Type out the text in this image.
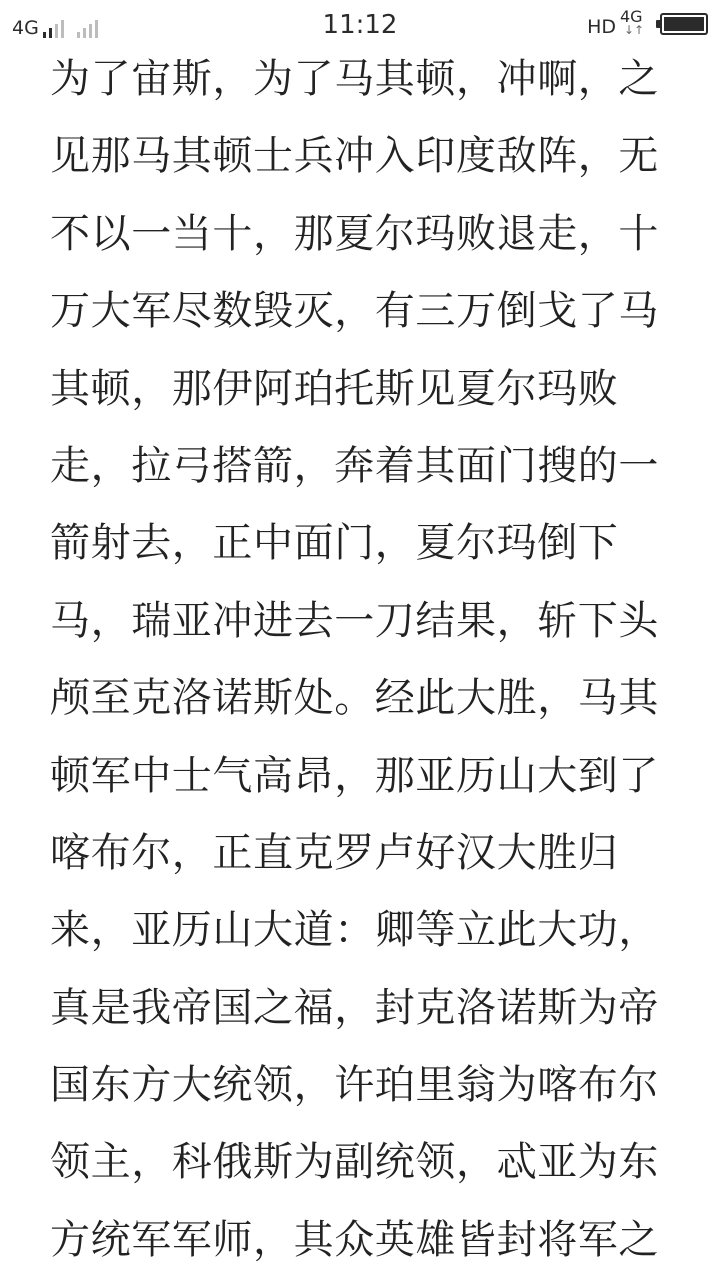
4G	11:12	HD 4G
↓↑
为了宙斯，为了马其顿，冲啊，之
见那马其顿士兵冲入印度敌阵，无
不以一当十，那夏尔玛败退走，十
万大军尽数毁灭，有三万倒戈了马
其顿，那伊阿珀托斯见夏尔玛败
走，拉弓搭箭，奔着其面门搜的一
箭射去，正中面门，夏尔玛倒下
马，瑞亚冲进去一刀结果，斩下头
颅至克洛诺斯处。经此大胜，马其
顿军中士气高昂，那亚历山大到了
喀布尔，正直克罗卢好汉大胜归
来，亚历山大道：卿等立此大功，
真是我帝国之福，封克洛诺斯为帝
国东方大统领，许珀里翁为喀布尔
领主，科俄斯为副统领，忒亚为东
方统军军师，其众英雄皆封将军之
